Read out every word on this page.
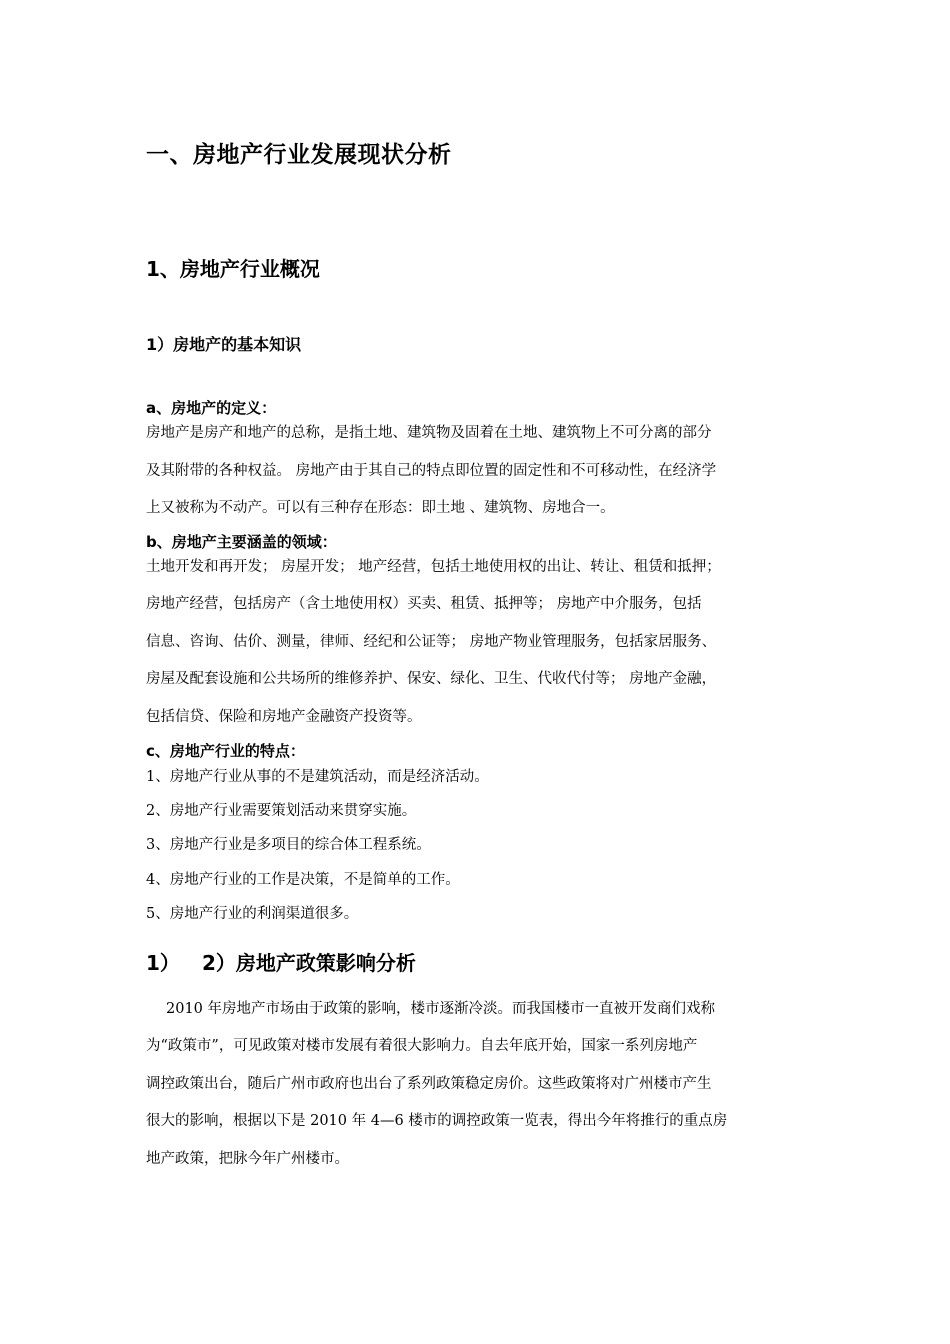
一、房地产行业发展现状分析
1、房地产行业概况
1）房地产的基本知识
a、房地产的定义：
房地产是房产和地产的总称，是指土地、建筑物及固着在土地、建筑物上不可分离的部分
及其附带的各种权益。 房地产由于其自己的特点即位置的固定性和不可移动性，在经济学
上又被称为不动产。可以有三种存在形态：即土地 、建筑物、房地合一。
b、房地产主要涵盖的领域：
土地开发和再开发； 房屋开发； 地产经营，包括土地使用权的出让、转让、租赁和抵押；
房地产经营，包括房产（含土地使用权）买卖、租赁、抵押等； 房地产中介服务，包括
信息、咨询、估价、测量，律师、经纪和公证等； 房地产物业管理服务，包括家居服务、
房屋及配套设施和公共场所的维修养护、保安、绿化、卫生、代收代付等； 房地产金融，
包括信贷、保险和房地产金融资产投资等。
c、房地产行业的特点：
1、房地产行业从事的不是建筑活动，而是经济活动。
2、房地产行业需要策划活动来贯穿实施。
3、房地产行业是多项目的综合体工程系统。
4、房地产行业的工作是决策，不是简单的工作。
5、房地产行业的利润渠道很多。
1） 2）房地产政策影响分析
2010 年房地产市场由于政策的影响，楼市逐渐冷淡。而我国楼市一直被开发商们戏称
为“政策市”，可见政策对楼市发展有着很大影响力。自去年底开始，国家一系列房地产
调控政策出台，随后广州市政府也出台了系列政策稳定房价。这些政策将对广州楼市产生
很大的影响，根据以下是 2010 年 4—6 楼市的调控政策一览表，得出今年将推行的重点房
地产政策，把脉今年广州楼市。
